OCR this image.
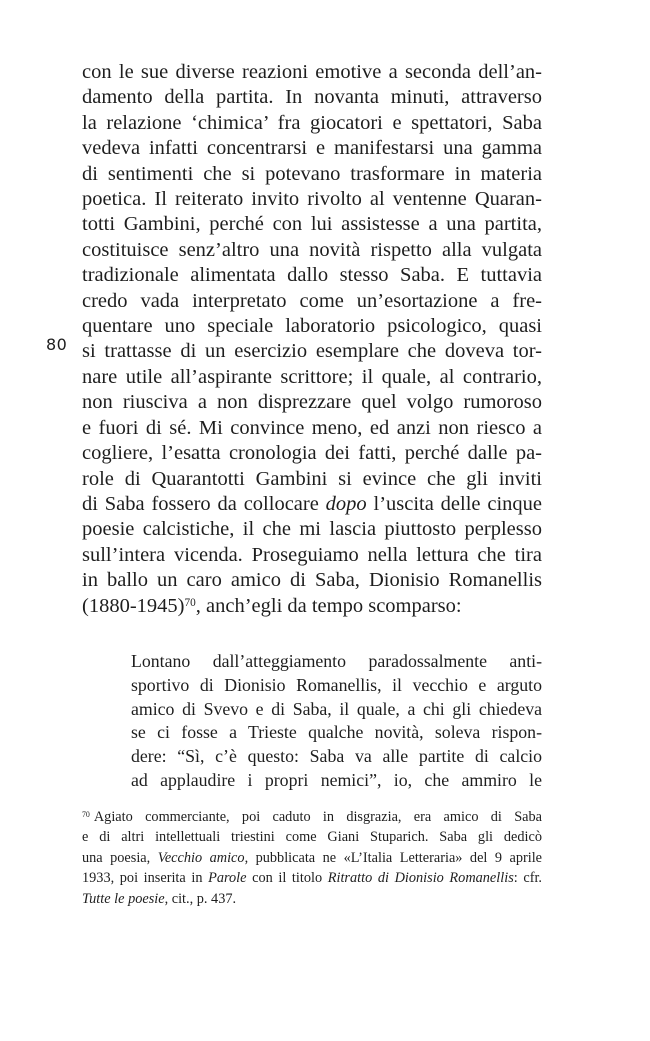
80
con le sue diverse reazioni emotive a seconda dell’an-
damento della partita. In novanta minuti, attraverso
la relazione ‘chimica’ fra giocatori e spettatori, Saba
vedeva infatti concentrarsi e manifestarsi una gamma
di sentimenti che si potevano trasformare in materia
poetica. Il reiterato invito rivolto al ventenne Quaran-
totti Gambini, perché con lui assistesse a una partita,
costituisce senz’altro una novità rispetto alla vulgata
tradizionale alimentata dallo stesso Saba. E tuttavia
credo vada interpretato come un’esortazione a fre-
quentare uno speciale laboratorio psicologico, quasi
si trattasse di un esercizio esemplare che doveva tor-
nare utile all’aspirante scrittore; il quale, al contrario,
non riusciva a non disprezzare quel volgo rumoroso
e fuori di sé. Mi convince meno, ed anzi non riesco a
cogliere, l’esatta cronologia dei fatti, perché dalle pa-
role di Quarantotti Gambini si evince che gli inviti
di Saba fossero da collocare dopo l’uscita delle cinque
poesie calcistiche, il che mi lascia piuttosto perplesso
sull’intera vicenda. Proseguiamo nella lettura che tira
in ballo un caro amico di Saba, Dionisio Romanellis
(1880-1945)$^{70}$, anch’egli da tempo scomparso:
Lontano dall’atteggiamento paradossalmente anti-
sportivo di Dionisio Romanellis, il vecchio e arguto
amico di Svevo e di Saba, il quale, a chi gli chiedeva
se ci fosse a Trieste qualche novità, soleva rispon-
dere: “Sì, c’è questo: Saba va alle partite di calcio
ad applaudire i propri nemici”, io, che ammiro le
$^{70}$ Agiato commerciante, poi caduto in disgrazia, era amico di Saba
e di altri intellettuali triestini come Giani Stuparich. Saba gli dedicò
una poesia, Vecchio amico, pubblicata ne «L’Italia Letteraria» del 9 aprile
1933, poi inserita in Parole con il titolo Ritratto di Dionisio Romanellis: cfr.
Tutte le poesie, cit., p. 437.
